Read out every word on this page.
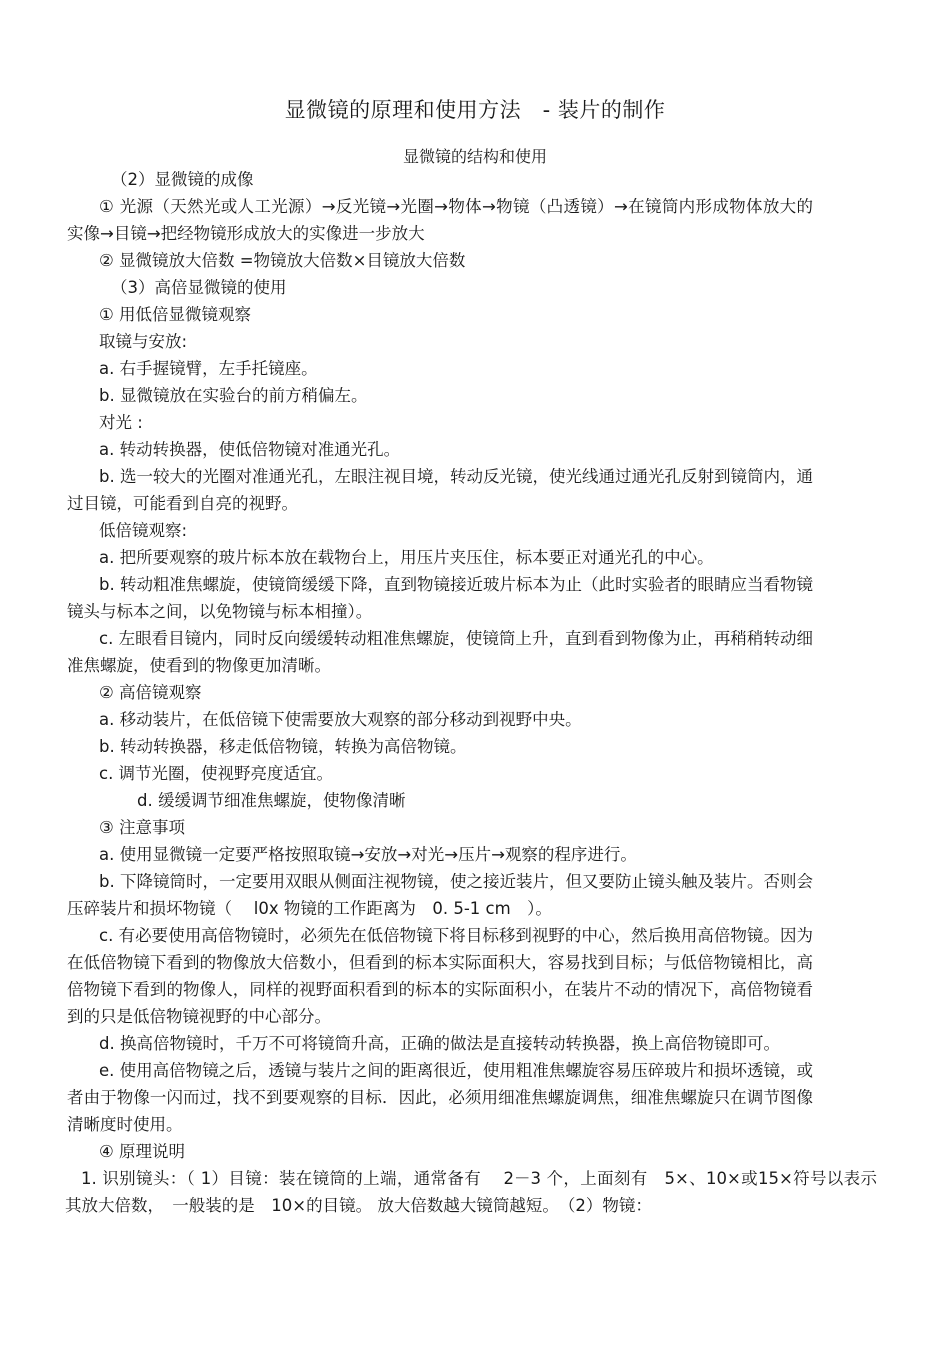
显微镜的原理和使用方法　- 装片的制作
显微镜的结构和使用

（2）显微镜的成像

① 光源（天然光或人工光源）→反光镜→光圈→物体→物镜（凸透镜）→在镜筒内形成物体放大的实像→目镜→把经物镜形成放大的实像进一步放大

② 显微镜放大倍数 =物镜放大倍数×目镜放大倍数

（3）高倍显微镜的使用

① 用低倍显微镜观察

取镜与安放:

a. 右手握镜臂，左手托镜座。

b. 显微镜放在实验台的前方稍偏左。

对光 :

a. 转动转换器，使低倍物镜对准通光孔。

b. 选一较大的光圈对准通光孔，左眼注视目境，转动反光镜，使光线通过通光孔反射到镜筒内，通过目镜，可能看到自亮的视野。

低倍镜观察:

a. 把所要观察的玻片标本放在载物台上，用压片夹压住，标本要正对通光孔的中心。

b. 转动粗准焦螺旋，使镜筒缓缓下降，直到物镜接近玻片标本为止（此时实验者的眼睛应当看物镜镜头与标本之间，以免物镜与标本相撞）。

c. 左眼看目镜内，同时反向缓缓转动粗准焦螺旋，使镜筒上升，直到看到物像为止，再稍稍转动细准焦螺旋，使看到的物像更加清晰。

② 高倍镜观察

a. 移动装片，在低倍镜下使需要放大观察的部分移动到视野中央。

b. 转动转换器，移走低倍物镜，转换为高倍物镜。

c. 调节光圈，使视野亮度适宜。

d. 缓缓调节细准焦螺旋，使物像清晰

③ 注意事项

a. 使用显微镜一定要严格按照取镜→安放→对光→压片→观察的程序进行。

b. 下降镜筒时，一定要用双眼从侧面注视物镜，使之接近装片，但又要防止镜头触及装片。否则会压碎装片和损坏物镜（　 l0x 物镜的工作距离为　0. 5-1 cm　）。

c. 有必要使用高倍物镜时，必须先在低倍物镜下将目标移到视野的中心，然后换用高倍物镜。因为在低倍物镜下看到的物像放大倍数小，但看到的标本实际面积大，容易找到目标；与低倍物镜相比，高倍物镜下看到的物像人，同样的视野面积看到的标本的实际面积小，在装片不动的情况下，高倍物镜看到的只是低倍物镜视野的中心部分。

d. 换高倍物镜时，千万不可将镜筒升高，正确的做法是直接转动转换器，换上高倍物镜即可。

e. 使用高倍物镜之后，透镜与装片之间的距离很近，使用粗准焦螺旋容易压碎玻片和损坏透镜，或者由于物像一闪而过，找不到要观察的目标．因此，必须用细准焦螺旋调焦，细准焦螺旋只在调节图像清晰度时使用。

④ 原理说明

1. 识别镜头：（ 1）目镜：装在镜筒的上端，通常备有　 2－3 个，上面刻有　5×、10×或15×符号以表示其放大倍数，　一般装的是　10×的目镜。 放大倍数越大镜筒越短。　（2）物镜：
